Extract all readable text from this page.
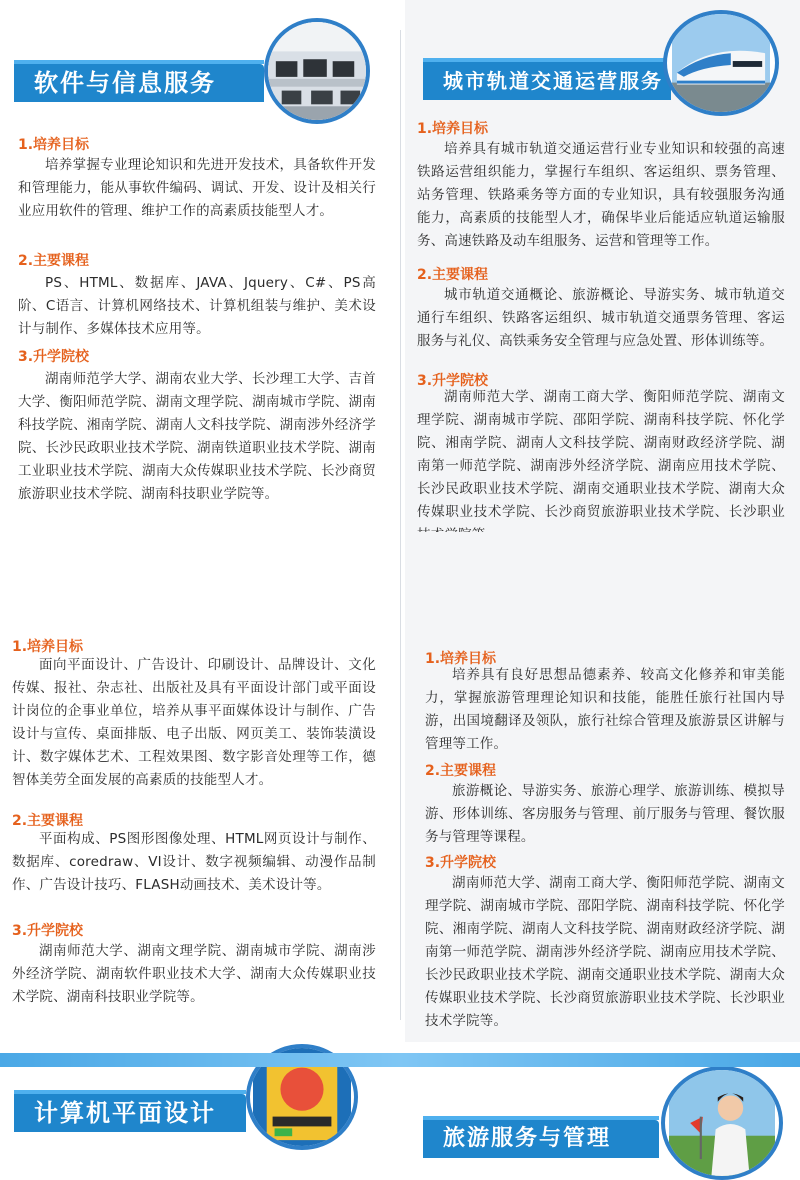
软件与信息服务
1.培养目标
培养掌握专业理论知识和先进开发技术，具备软件开发和管理能力，能从事软件编码、调试、开发、设计及相关行业应用软件的管理、维护工作的高素质技能型人才。
2.主要课程
PS、HTML、数据库、JAVA、Jquery、C#、PS高阶、C语言、计算机网络技术、计算机组装与维护、美术设计与制作、多媒体技术应用等。
3.升学院校
湖南师范学大学、湖南农业大学、长沙理工大学、吉首大学、衡阳师范学院、湖南文理学院、湖南城市学院、湖南科技学院、湘南学院、湖南人文科技学院、湖南涉外经济学院、长沙民政职业技术学院、湖南铁道职业技术学院、湖南工业职业技术学院、湖南大众传媒职业技术学院、长沙商贸旅游职业技术学院、湖南科技职业学院等。
城市轨道交通运营服务
1.培养目标
培养具有城市轨道交通运营行业专业知识和较强的高速铁路运营组织能力，掌握行车组织、客运组织、票务管理、站务管理、铁路乘务等方面的专业知识，具有较强服务沟通能力，高素质的技能型人才，确保毕业后能适应轨道运输服务、高速铁路及动车组服务、运营和管理等工作。
2.主要课程
城市轨道交通概论、旅游概论、导游实务、城市轨道交通行车组织、铁路客运组织、城市轨道交通票务管理、客运服务与礼仪、高铁乘务安全管理与应急处置、形体训练等。
3.升学院校
湖南师范大学、湖南工商大学、衡阳师范学院、湖南文理学院、湖南城市学院、邵阳学院、湖南科技学院、怀化学院、湘南学院、湖南人文科技学院、湖南财政经济学院、湖南第一师范学院、湖南涉外经济学院、湖南应用技术学院、长沙民政职业技术学院、湖南交通职业技术学院、湖南大众传媒职业技术学院、长沙商贸旅游职业技术学院、长沙职业
计算机平面设计
1.培养目标
面向平面设计、广告设计、印刷设计、品牌设计、文化传媒、报社、杂志社、出版社及具有平面设计部门或平面设计岗位的企事业单位，培养从事平面媒体设计与制作、广告设计与宣传、桌面排版、电子出版、网页美工、装饰装潢设计、数字媒体艺术、工程效果图、数字影音处理等工作，德智体美劳全面发展的高素质的技能型人才。
2.主要课程
平面构成、PS图形图像处理、HTML网页设计与制作、数据库、coredraw、VI设计、数字视频编辑、动漫作品制作、广告设计技巧、FLASH动画技术、美术设计等。
3.升学院校
湖南师范大学、湖南文理学院、湖南城市学院、湖南涉外经济学院、湖南软件职业技术大学、湖南大众传媒职业技术学院、湖南科技职业学院等。
旅游服务与管理
1.培养目标
培养具有良好思想品德素养、较高文化修养和审美能力，掌握旅游管理理论知识和技能，能胜任旅行社国内导游，出国境翻译及领队，旅行社综合管理及旅游景区讲解与管理等工作。
2.主要课程
旅游概论、导游实务、旅游心理学、旅游训练、模拟导游、形体训练、客房服务与管理、前厅服务与管理、餐饮服务与管理等课程。
3.升学院校
湖南师范大学、湖南工商大学、衡阳师范学院、湖南文理学院、湖南城市学院、邵阳学院、湖南科技学院、怀化学院、湘南学院、湖南人文科技学院、湖南财政经济学院、湖南第一师范学院、湖南涉外经济学院、湖南应用技术学院、长沙民政职业技术学院、湖南交通职业技术学院、湖南大众传媒职业技术学院、长沙商贸旅游职业技术学院、长沙职业技术学院等。
